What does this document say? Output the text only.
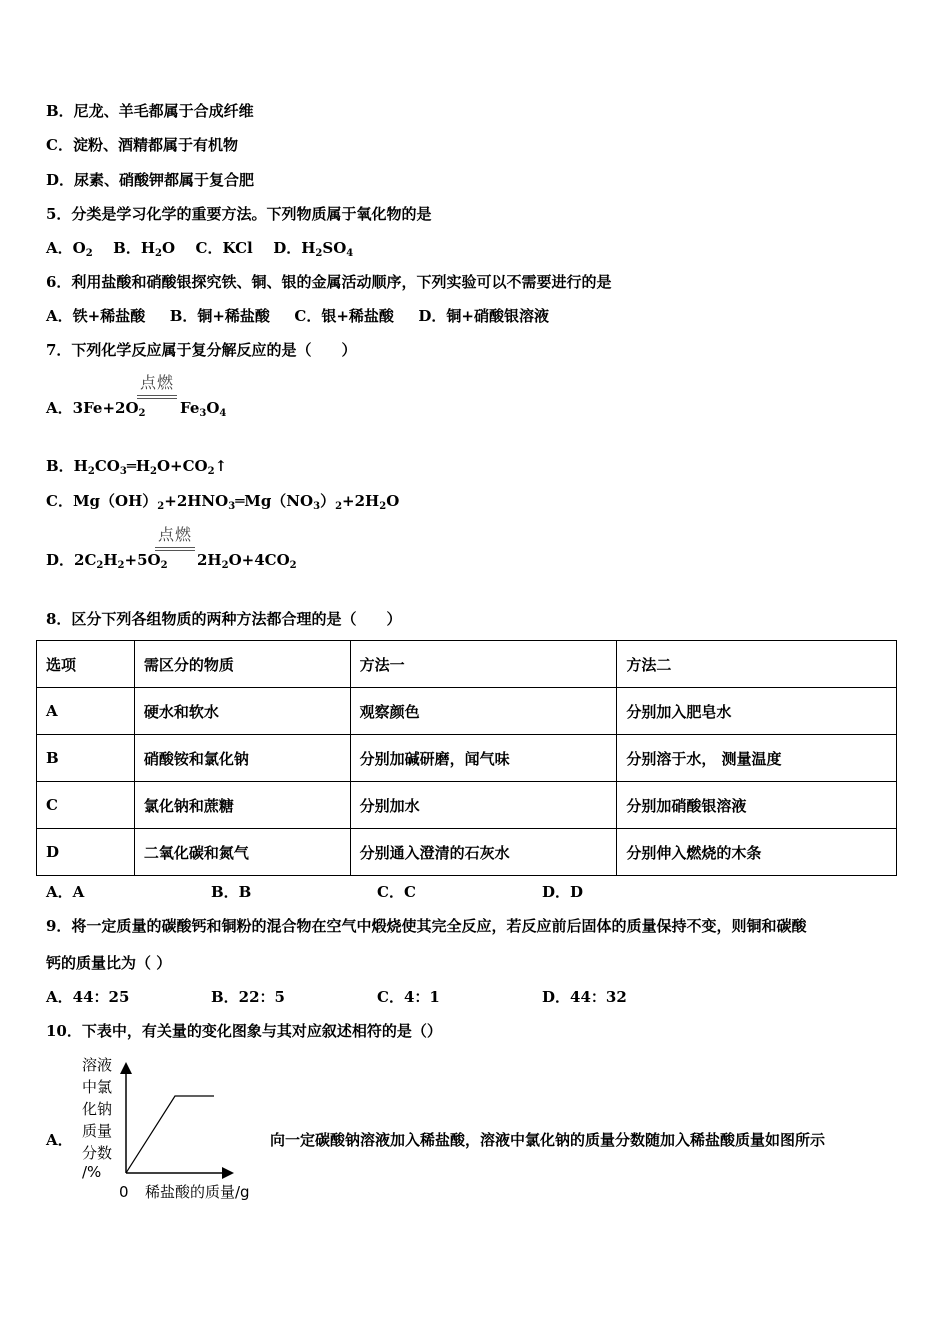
B．尼龙、羊毛都属于合成纤维
C．淀粉、酒精都属于有机物
D．尿素、硝酸钾都属于复合肥
5．分类是学习化学的重要方法。下列物质属于氧化物的是
A．$O_2$ B．$H_2O$ C．KCl D．$H_2SO_4$
6．利用盐酸和硝酸银探究铁、铜、银的金属活动顺序，下列实验可以不需要进行的是
A．铁+稀盐酸 B．铜+稀盐酸 C．银+稀盐酸 D．铜+硝酸银溶液
7．下列化学反应属于复分解反应的是（　　）
A．$3Fe+2O_2$
点燃
$Fe_3O_4$
B．$H_2CO_3═H_2O+CO_2↑$
C．$Mg(OH)_2+2HNO_3═Mg(NO_3)_2+2H_2O$
D．$2C_2H_2+5O_2$
点燃
$2H_2O+4CO_2$
8．区分下列各组物质的两种方法都合理的是（　　）
选项	需区分的物质	方法一	方法二
A	硬水和软水	观察颜色	分别加入肥皂水
B	硝酸铵和氯化钠	分别加碱研磨，闻气味	分别溶于水， 测量温度
C	氯化钠和蔗糖	分别加水	分别加硝酸银溶液
D	二氧化碳和氮气	分别通入澄清的石灰水	分别伸入燃烧的木条
A．A	B．B	C．C	D．D
9．将一定质量的碳酸钙和铜粉的混合物在空气中煅烧使其完全反应，若反应前后固体的质量保持不变，则铜和碳酸
钙的质量比为（ ）
A．44：25	B．22：5	C．4：1	D．44：32
10．下表中，有关量的变化图象与其对应叙述相符的是（）
A．
溶液
中氯
化钠
质量
分数
/%
0 稀盐酸的质量/g
向一定碳酸钠溶液加入稀盐酸，溶液中氯化钠的质量分数随加入稀盐酸质量如图所示
